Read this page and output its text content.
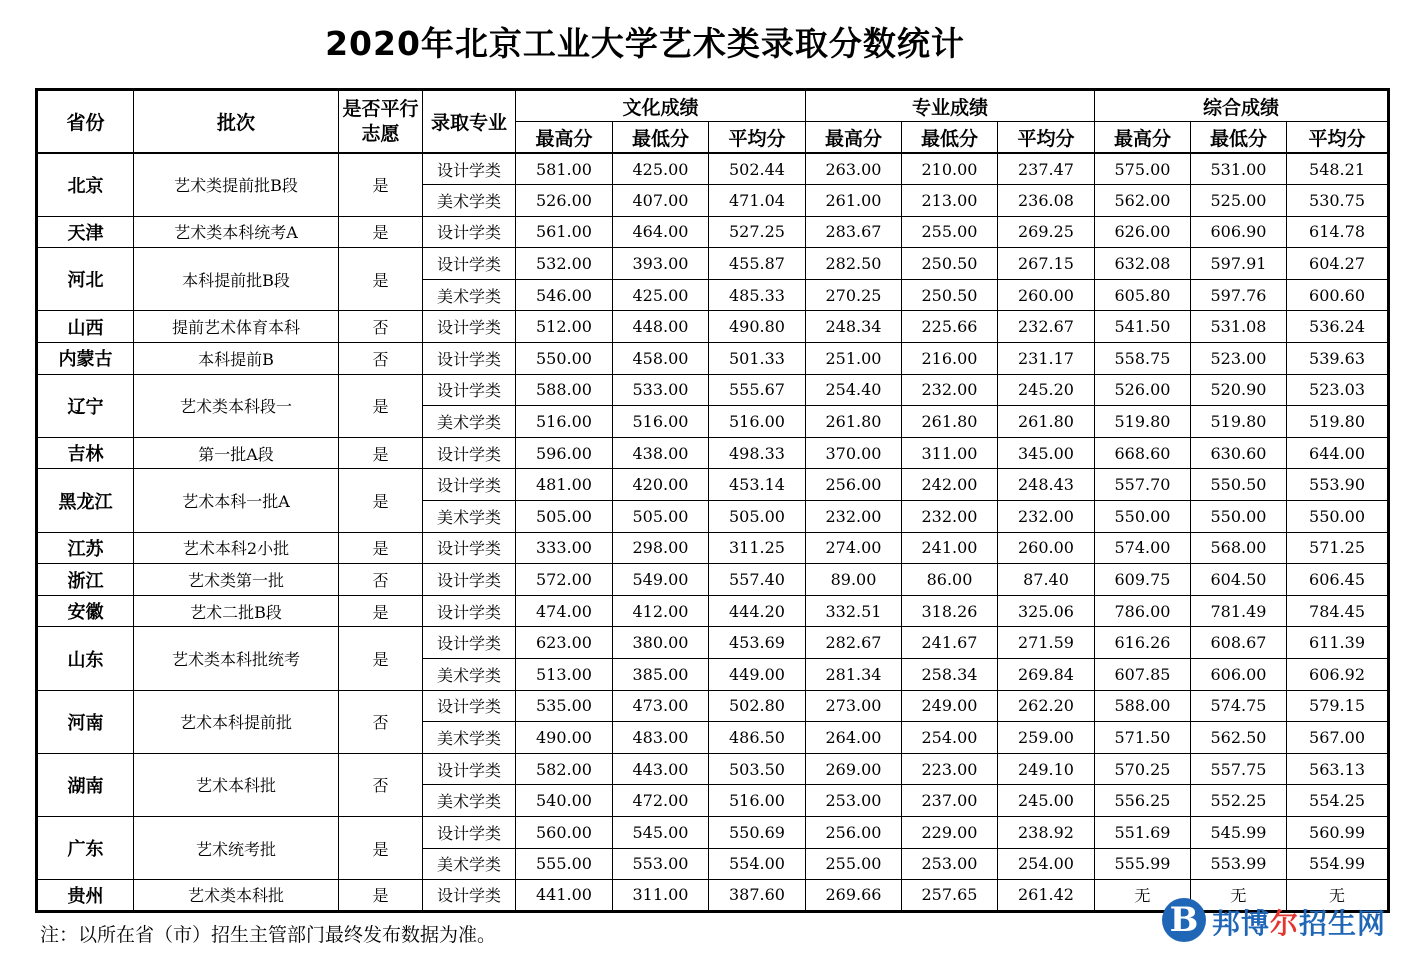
2020年北京工业大学艺术类录取分数统计
省份	批次	是否平行志愿	录取专业	文化成绩			专业成绩			综合成绩		
				最高分	最低分	平均分	最高分	最低分	平均分	最高分	最低分	平均分
北京	艺术类提前批B段	是	设计学类	581.00	425.00	502.44	263.00	210.00	237.47	575.00	531.00	548.21
			美术学类	526.00	407.00	471.04	261.00	213.00	236.08	562.00	525.00	530.75
天津	艺术类本科统考A	是	设计学类	561.00	464.00	527.25	283.67	255.00	269.25	626.00	606.90	614.78
河北	本科提前批B段	是	设计学类	532.00	393.00	455.87	282.50	250.50	267.15	632.08	597.91	604.27
			美术学类	546.00	425.00	485.33	270.25	250.50	260.00	605.80	597.76	600.60
山西	提前艺术体育本科	否	设计学类	512.00	448.00	490.80	248.34	225.66	232.67	541.50	531.08	536.24
内蒙古	本科提前B	否	设计学类	550.00	458.00	501.33	251.00	216.00	231.17	558.75	523.00	539.63
辽宁	艺术类本科段一	是	设计学类	588.00	533.00	555.67	254.40	232.00	245.20	526.00	520.90	523.03
			美术学类	516.00	516.00	516.00	261.80	261.80	261.80	519.80	519.80	519.80
吉林	第一批A段	是	设计学类	596.00	438.00	498.33	370.00	311.00	345.00	668.60	630.60	644.00
黑龙江	艺术本科一批A	是	设计学类	481.00	420.00	453.14	256.00	242.00	248.43	557.70	550.50	553.90
			美术学类	505.00	505.00	505.00	232.00	232.00	232.00	550.00	550.00	550.00
江苏	艺术本科2小批	是	设计学类	333.00	298.00	311.25	274.00	241.00	260.00	574.00	568.00	571.25
浙江	艺术类第一批	否	设计学类	572.00	549.00	557.40	89.00	86.00	87.40	609.75	604.50	606.45
安徽	艺术二批B段	是	设计学类	474.00	412.00	444.20	332.51	318.26	325.06	786.00	781.49	784.45
山东	艺术类本科批统考	是	设计学类	623.00	380.00	453.69	282.67	241.67	271.59	616.26	608.67	611.39
			美术学类	513.00	385.00	449.00	281.34	258.34	269.84	607.85	606.00	606.92
河南	艺术本科提前批	否	设计学类	535.00	473.00	502.80	273.00	249.00	262.20	588.00	574.75	579.15
			美术学类	490.00	483.00	486.50	264.00	254.00	259.00	571.50	562.50	567.00
湖南	艺术本科批	否	设计学类	582.00	443.00	503.50	269.00	223.00	249.10	570.25	557.75	563.13
			美术学类	540.00	472.00	516.00	253.00	237.00	245.00	556.25	552.25	554.25
广东	艺术统考批	是	设计学类	560.00	545.00	550.69	256.00	229.00	238.92	551.69	545.99	560.99
			美术学类	555.00	553.00	554.00	255.00	253.00	254.00	555.99	553.99	554.99
贵州	艺术类本科批	是	设计学类	441.00	311.00	387.60	269.66	257.65	261.42	无	无	无
注：以所在省（市）招生主管部门最终发布数据为准。	B 邦博尔招生网
